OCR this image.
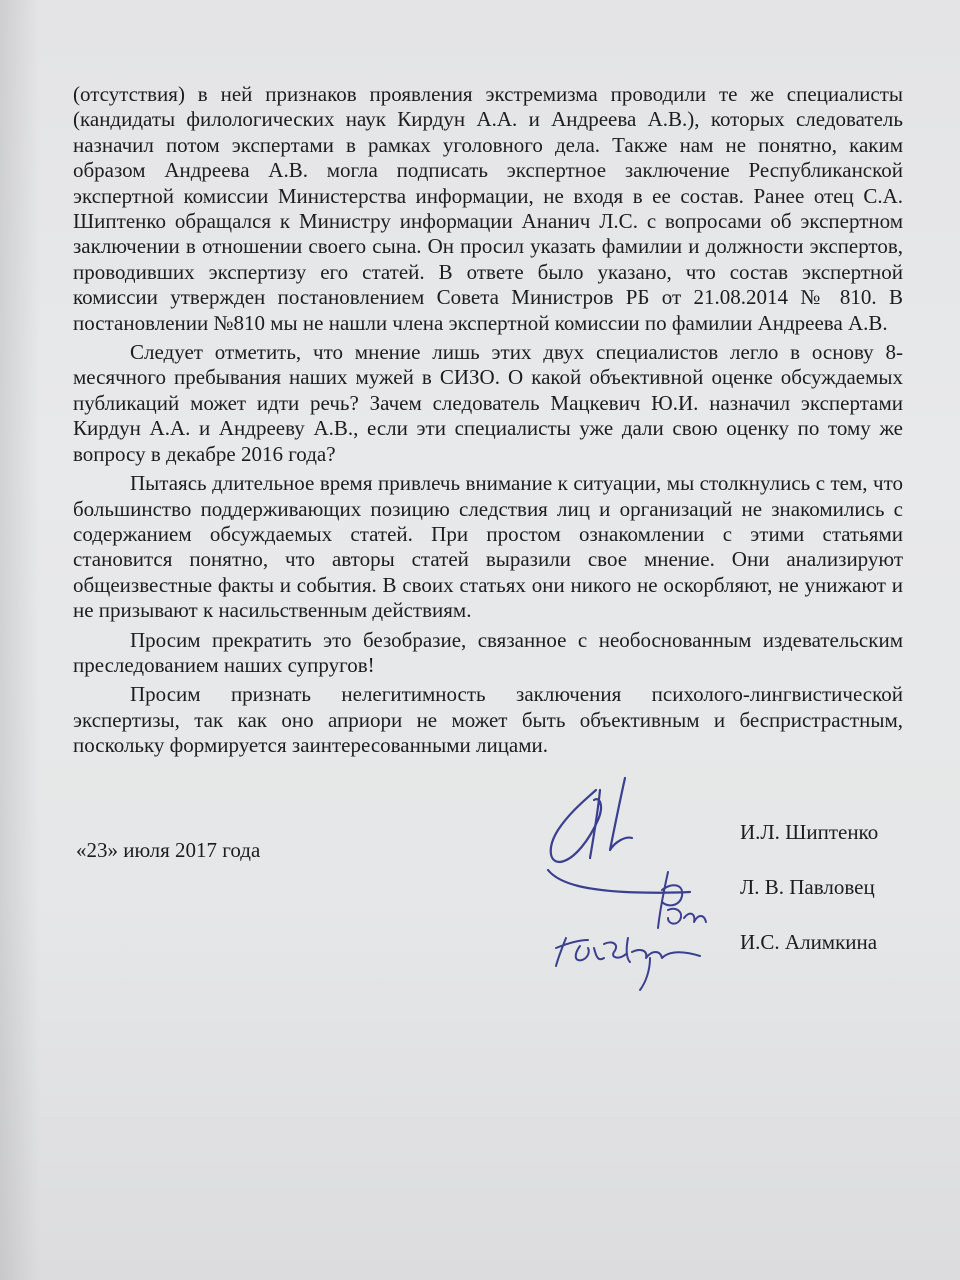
(отсутствия) в ней признаков проявления экстремизма проводили те же специалисты (кандидаты филологических наук Кирдун А.А. и Андреева А.В.), которых следователь назначил потом экспертами в рамках уголовного дела. Также нам не понятно, каким образом Андреева А.В. могла подписать экспертное заключение Республиканской экспертной комиссии Министерства информации, не входя в ее состав. Ранее отец С.А. Шиптенко обращался к Министру информации Ананич Л.С. с вопросами об экспертном заключении в отношении своего сына. Он просил указать фамилии и должности экспертов, проводивших экспертизу его статей. В ответе было указано, что состав экспертной комиссии утвержден постановлением Совета Министров РБ от 21.08.2014 № 810. В постановлении №810 мы не нашли члена экспертной комиссии по фамилии Андреева А.В.

Следует отметить, что мнение лишь этих двух специалистов легло в основу 8-месячного пребывания наших мужей в СИЗО. О какой объективной оценке обсуждаемых публикаций может идти речь? Зачем следователь Мацкевич Ю.И. назначил экспертами Кирдун А.А. и Андрееву А.В., если эти специалисты уже дали свою оценку по тому же вопросу в декабре 2016 года?

Пытаясь длительное время привлечь внимание к ситуации, мы столкнулись с тем, что большинство поддерживающих позицию следствия лиц и организаций не знакомились с содержанием обсуждаемых статей. При простом ознакомлении с этими статьями становится понятно, что авторы статей выразили свое мнение. Они анализируют общеизвестные факты и события. В своих статьях они никого не оскорбляют, не унижают и не призывают к насильственным действиям.

Просим прекратить это безобразие, связанное с необоснованным издевательским преследованием наших супругов!

Просим признать нелегитимность заключения психолого-лингвистической экспертизы, так как оно априори не может быть объективным и беспристрастным, поскольку формируется заинтересованными лицами.

«23» июля 2017 года
И.Л. Шиптенко
Л. В. Павловец
И.С. Алимкина
